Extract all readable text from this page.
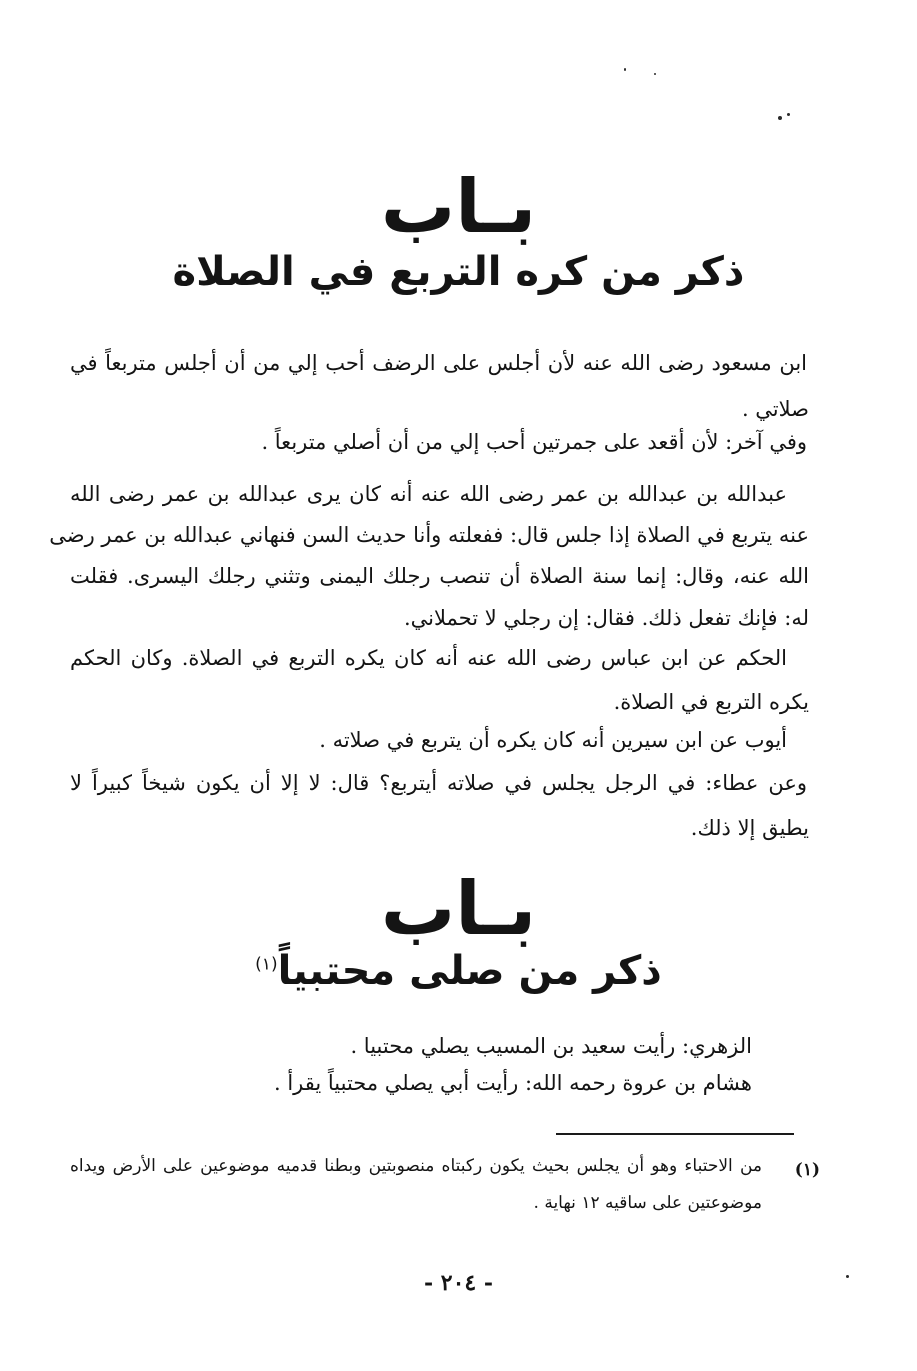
بـاب
ذكر من كره التربع في الصلاة
ابن مسعود رضى الله عنه لأن أجلس على الرضف أحب إلي من أن أجلس متربعاً في
صلاتي .
وفي آخر: لأن أقعد على جمرتين أحب إلي من أن أصلي متربعاً .
عبدالله بن عبدالله بن عمر رضى الله عنه أنه كان يرى عبدالله بن عمر رضى الله
عنه يتربع في الصلاة إذا جلس قال: ففعلته وأنا حديث السن فنهاني عبدالله بن عمر رضى
الله عنه، وقال: إنما سنة الصلاة أن تنصب رجلك اليمنى وتثني رجلك اليسرى. فقلت
له: فإنك تفعل ذلك. فقال: إن رجلي لا تحملاني.
الحكم عن ابن عباس رضى الله عنه أنه كان يكره التربع في الصلاة. وكان الحكم
يكره التربع في الصلاة.
أيوب عن ابن سيرين أنه كان يكره أن يتربع في صلاته .
وعن عطاء: في الرجل يجلس في صلاته أيتربع؟ قال: لا إلا أن يكون شيخاً كبيراً لا
يطيق إلا ذلك.
بـاب
ذكر من صلى محتبياً$^{(١)}$
الزهري: رأيت سعيد بن المسيب يصلي محتبيا .
هشام بن عروة رحمه الله: رأيت أبي يصلي محتبياً يقرأ .
(١)
من الاحتباء وهو أن يجلس بحيث يكون ركبتاه منصوبتين وبطنا قدميه موضوعين على الأرض ويداه
موضوعتين على ساقيه ١٢ نهاية .
- ٢٠٤ -
